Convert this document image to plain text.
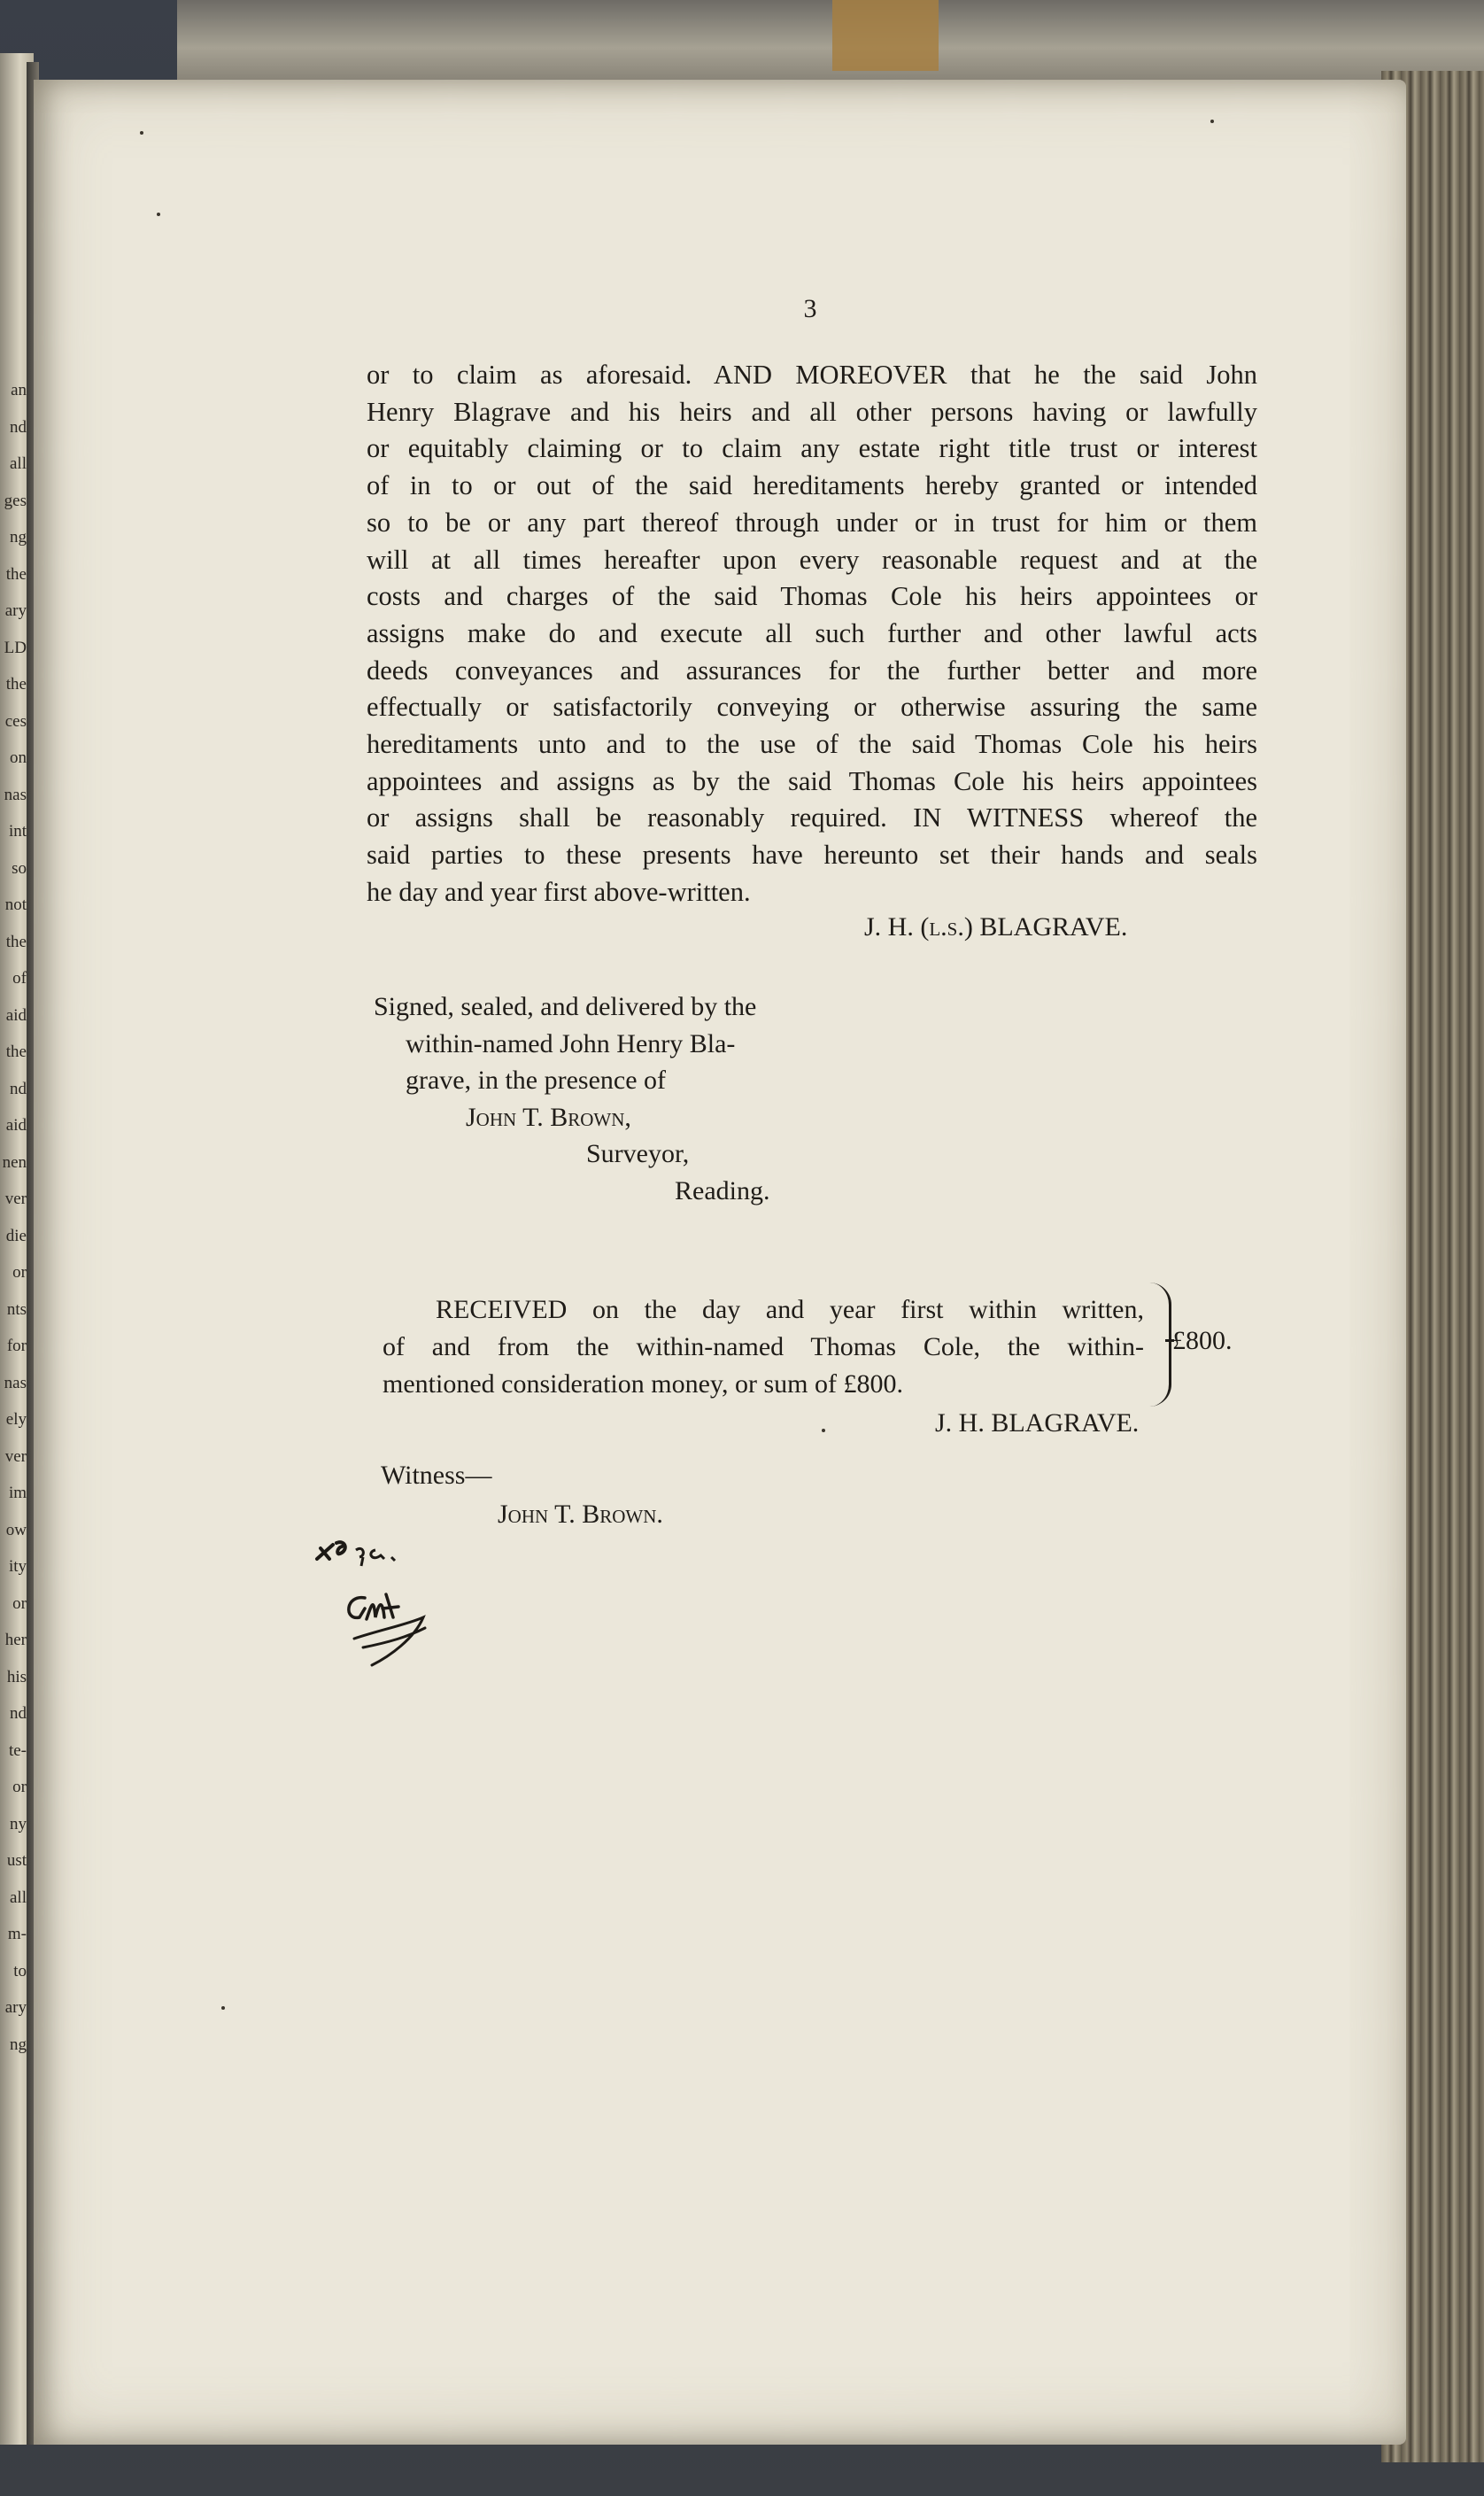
an
nd
all
ges
ng
the
ary
LD
the
ces
on
nas
int
so
not
the
of
aid
the
nd
aid
nen
ver
die
or
nts
for
nas
ely
ver
im
ow
ity
or
her
his
nd
te-
or
ny
ust
all
m-
to
ary
ng
3
or to claim as aforesaid. AND MOREOVER that he the said John
Henry Blagrave and his heirs and all other persons having or lawfully
or equitably claiming or to claim any estate right title trust or interest
of in to or out of the said hereditaments hereby granted or intended
so to be or any part thereof through under or in trust for him or them
will at all times hereafter upon every reasonable request and at the
costs and charges of the said Thomas Cole his heirs appointees or
assigns make do and execute all such further and other lawful acts
deeds conveyances and assurances for the further better and more
effectually or satisfactorily conveying or otherwise assuring the same
hereditaments unto and to the use of the said Thomas Cole his heirs
appointees and assigns as by the said Thomas Cole his heirs appointees
or assigns shall be reasonably required. IN WITNESS whereof the
said parties to these presents have hereunto set their hands and seals
he day and year first above-written.
J. H. (l.s.) BLAGRAVE.
Signed, sealed, and delivered by the
within-named John Henry Bla-
grave, in the presence of
John T. Brown,
Surveyor,
Reading.
RECEIVED on the day and year first within written,
of and from the within-named Thomas Cole, the within-
mentioned consideration money, or sum of £800.
£800.
J. H. BLAGRAVE.
Witness—
John T. Brown.
